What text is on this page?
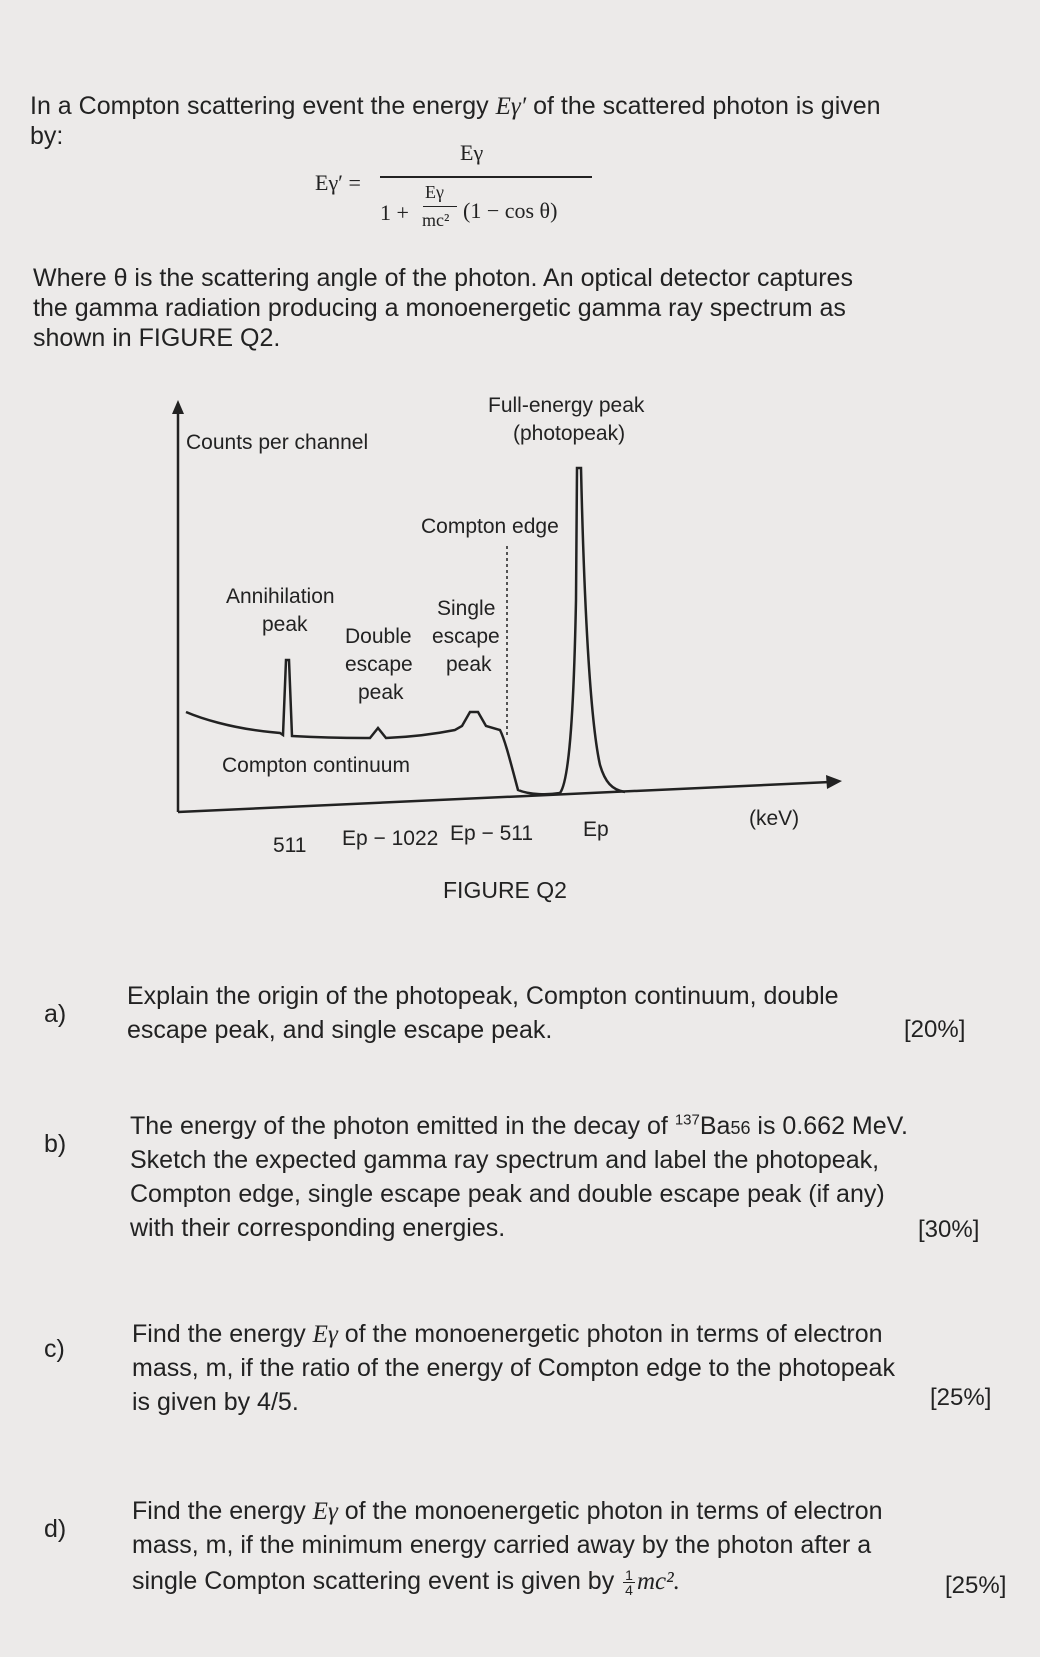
In a Compton scattering event the energy Eγ′ of the scattered photon is given
by:
Eγ′ =
Eγ
1 +
Eγ
mc² (1 − cos θ)
Where θ is the scattering angle of the photon. An optical detector captures
the gamma radiation producing a monoenergetic gamma ray spectrum as
shown in FIGURE Q2.
Counts per channel
Full-energy peak
(photopeak)
Compton edge
Annihilation
peak
Single
escape
peak
Double
escape
peak
Compton continuum
511 Ep − 1022 Ep − 511 Ep	(keV)
FIGURE Q2
a)
Explain the origin of the photopeak, Compton continuum, double
escape peak, and single escape peak.	[20%]
b)
The energy of the photon emitted in the decay of $^{137}$Ba56 is 0.662 MeV.
Sketch the expected gamma ray spectrum and label the photopeak,
Compton edge, single escape peak and double escape peak (if any)
with their corresponding energies.	[30%]
c)
Find the energy Eγ of the monoenergetic photon in terms of electron
mass, m, if the ratio of the energy of Compton edge to the photopeak
is given by 4/5.	[25%]
d)
Find the energy Eγ of the monoenergetic photon in terms of electron
mass, m, if the minimum energy carried away by the photon after a
single Compton scattering event is given by $\frac{1}{4} mc^2$.	[25%]
